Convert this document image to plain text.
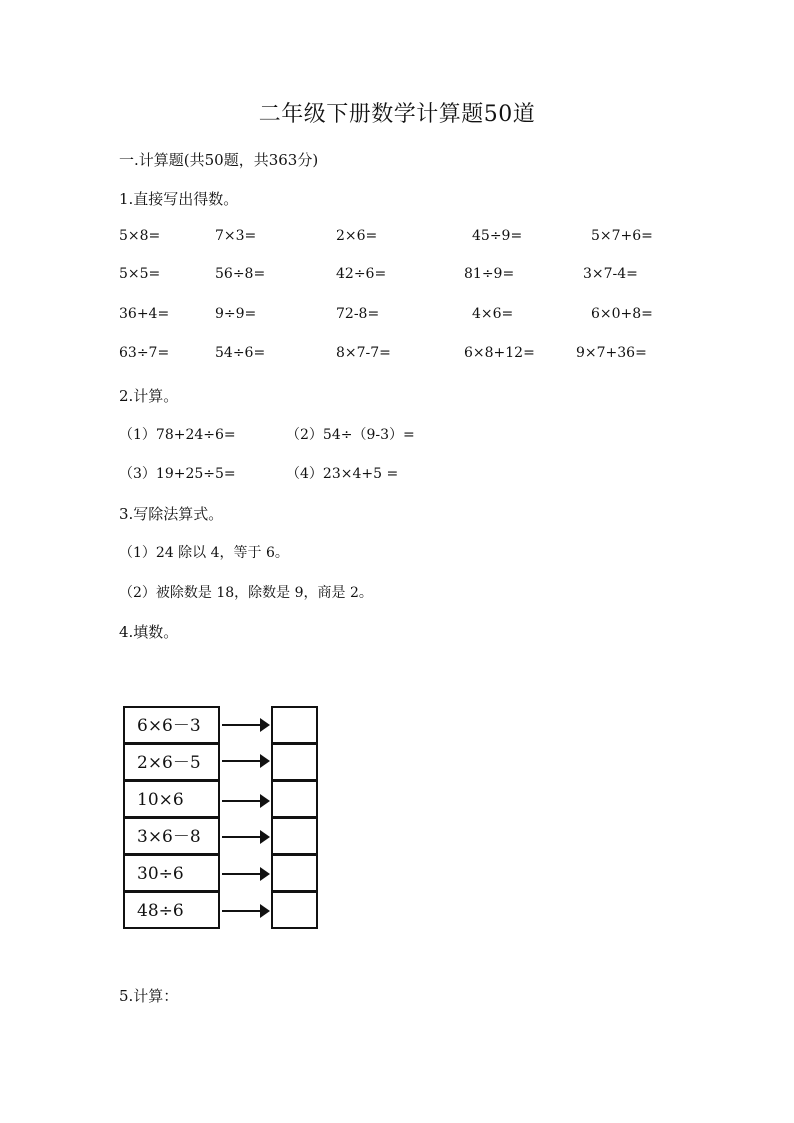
二年级下册数学计算题50道
一.计算题(共50题，共363分)
1.直接写出得数。
5×8=	7×3=	2×6=	45÷9=	5×7+6=
5×5=	56÷8=	42÷6=	81÷9=	3×7-4=
36+4=	9÷9=	72-8=	4×6=	6×0+8=
63÷7=	54÷6=	8×7-7=	6×8+12=	9×7+36=
2.计算。
（1）78+24÷6=	（2）54÷（9-3）=
（3）19+25÷5=	（4）23×4+5 =
3.写除法算式。
（1）24 除以 4，等于 6。
（2）被除数是 18，除数是 9，商是 2。
4.填数。
6×6－3
2×6－5
10×6
3×6－8
30÷6
48÷6
5.计算：
